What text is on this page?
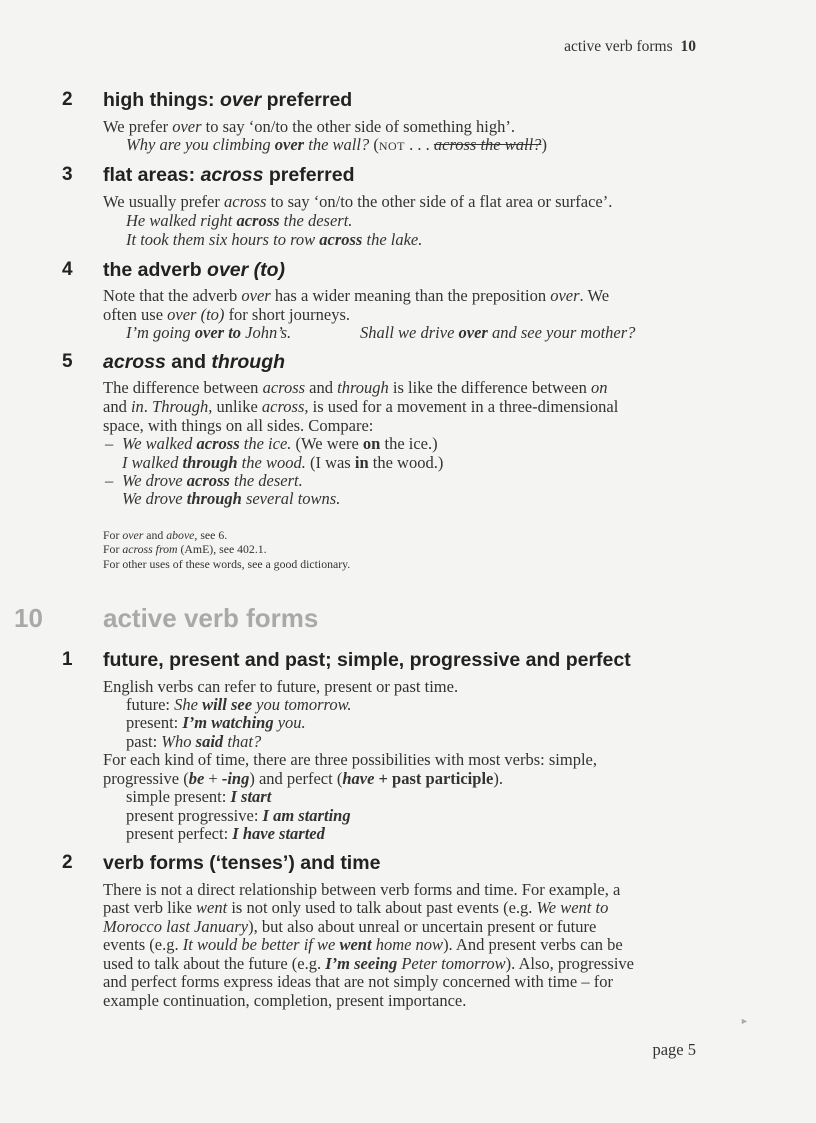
active verb forms 10
2 high things: over preferred
We prefer over to say ‘on/to the other side of something high’.
Why are you climbing over the wall? (NOT . . . across the wall?)
3 flat areas: across preferred
We usually prefer across to say ‘on/to the other side of a flat area or surface’.
He walked right across the desert.
It took them six hours to row across the lake.
4 the adverb over (to)
Note that the adverb over has a wider meaning than the preposition over. We
often use over (to) for short journeys.
I’m going over to John’s.	Shall we drive over and see your mother?
5 across and through
The difference between across and through is like the difference between on
and in. Through, unlike across, is used for a movement in a three-dimensional
space, with things on all sides. Compare:
– We walked across the ice. (We were on the ice.)
I walked through the wood. (I was in the wood.)
– We drove across the desert.
We drove through several towns.
For over and above, see 6.
For across from (AmE), see 402.1.
For other uses of these words, see a good dictionary.
10 active verb forms
1 future, present and past; simple, progressive and perfect
English verbs can refer to future, present or past time.
future: She will see you tomorrow.
present: I’m watching you.
past: Who said that?
For each kind of time, there are three possibilities with most verbs: simple,
progressive (be + -ing) and perfect (have + past participle).
simple present: I start
present progressive: I am starting
present perfect: I have started
2 verb forms (‘tenses’) and time
There is not a direct relationship between verb forms and time. For example, a
past verb like went is not only used to talk about past events (e.g. We went to
Morocco last January), but also about unreal or uncertain present or future
events (e.g. It would be better if we went home now). And present verbs can be
used to talk about the future (e.g. I’m seeing Peter tomorrow). Also, progressive
and perfect forms express ideas that are not simply concerned with time – for
example continuation, completion, present importance.
►
page 5
